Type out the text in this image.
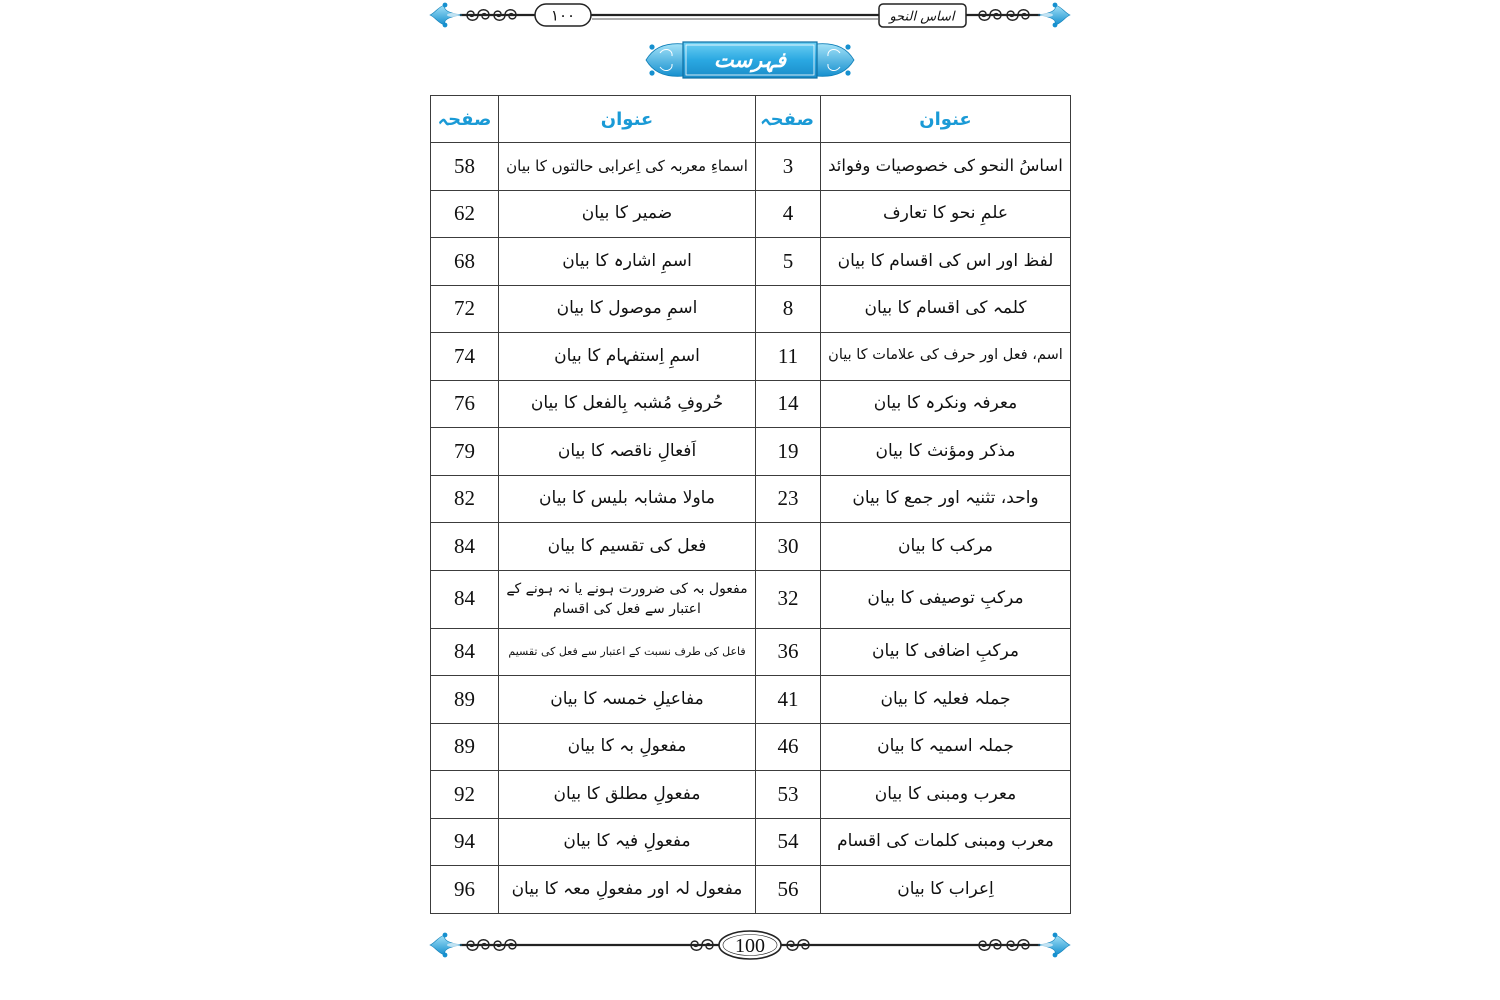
۱۰۰	اساس النحو
فہرست
100
عنوان	صفحہ	عنوان	صفحہ

اساسُ النحو کی خصوصیات وفوائد	3	اسماءِ معربہ کی اِعرابی حالتوں کا بیان	58

علمِ نحو کا تعارف	4	ضمیر کا بیان	62

لفظ اور اس کی اقسام کا بیان	5	اسمِ اشارہ کا بیان	68

کلمہ کی اقسام کا بیان	8	اسمِ موصول کا بیان	72

اسم، فعل اور حرف کی علامات کا بیان	11	اسمِ اِستفہام کا بیان	74

معرفہ ونکرہ کا بیان	14	حُروفِ مُشبہ بِالفعل کا بیان	76

مذکر ومؤنث کا بیان	19	اَفعالِ ناقصہ کا بیان	79

واحد، تثنیہ اور جمع کا بیان	23	ماولا مشابہ بلیس کا بیان	82

مرکب کا بیان	30	فعل کی تقسیم کا بیان	84

مرکبِ توصیفی کا بیان	32	مفعول بہ کی ضرورت ہونے یا نہ ہونے کے اعتبار سے فعل کی اقسام	84

مرکبِ اضافی کا بیان	36	فاعل کی طرف نسبت کے اعتبار سے فعل کی تقسیم	84

جملہ فعلیہ کا بیان	41	مفاعیلِ خمسہ کا بیان	89

جملہ اسمیہ کا بیان	46	مفعولِ بہ کا بیان	89

معرب ومبنی کا بیان	53	مفعولِ مطلق کا بیان	92

معرب ومبنی کلمات کی اقسام	54	مفعولِ فیہ کا بیان	94

اِعراب کا بیان	56	مفعول لہ اور مفعولِ معہ کا بیان	96
